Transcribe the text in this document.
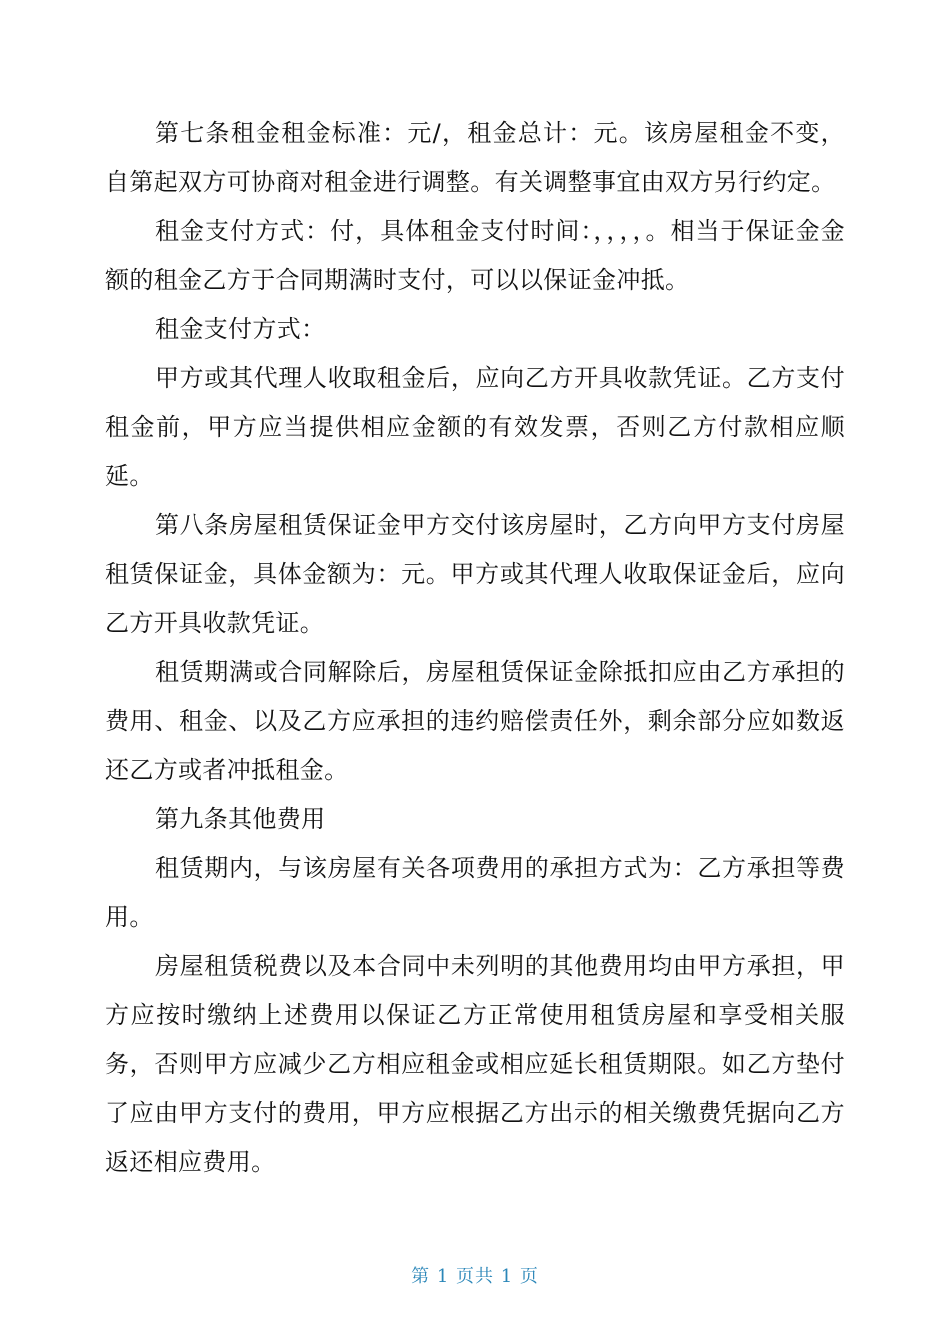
第七条租金租金标准：元/，租金总计：元。该房屋租金不变，自第起双方可协商对租金进行调整。有关调整事宜由双方另行约定。

租金支付方式：付，具体租金支付时间：，，，，。相当于保证金金额的租金乙方于合同期满时支付，可以以保证金冲抵。

租金支付方式：

甲方或其代理人收取租金后，应向乙方开具收款凭证。乙方支付租金前，甲方应当提供相应金额的有效发票，否则乙方付款相应顺延。

第八条房屋租赁保证金甲方交付该房屋时，乙方向甲方支付房屋租赁保证金，具体金额为：元。甲方或其代理人收取保证金后，应向乙方开具收款凭证。

租赁期满或合同解除后，房屋租赁保证金除抵扣应由乙方承担的费用、租金、以及乙方应承担的违约赔偿责任外，剩余部分应如数返还乙方或者冲抵租金。

第九条其他费用

租赁期内，与该房屋有关各项费用的承担方式为：乙方承担等费用。

房屋租赁税费以及本合同中未列明的其他费用均由甲方承担，甲方应按时缴纳上述费用以保证乙方正常使用租赁房屋和享受相关服务，否则甲方应减少乙方相应租金或相应延长租赁期限。如乙方垫付了应由甲方支付的费用，甲方应根据乙方出示的相关缴费凭据向乙方返还相应费用。

第 1 页共 1 页
